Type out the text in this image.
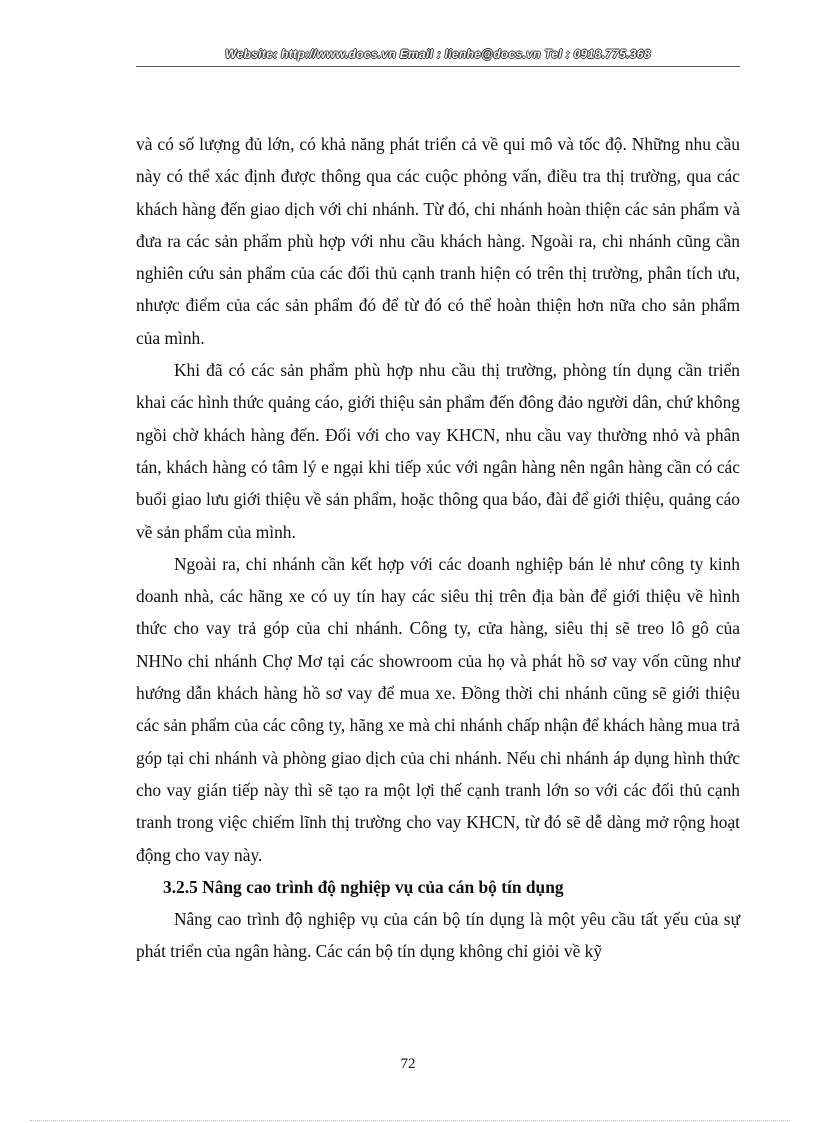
Website: http://www.docs.vn Email : lienhe@docs.vn Tel : 0918.775.368

và có số lượng đủ lớn, có khả năng phát triển cả về qui mô và tốc độ. Những nhu cầu này có thể xác định được thông qua các cuộc phỏng vấn, điều tra thị trường, qua các khách hàng đến giao dịch với chi nhánh. Từ đó, chi nhánh hoàn thiện các sản phẩm và đưa ra các sản phẩm phù hợp với nhu cầu khách hàng. Ngoài ra, chi nhánh cũng cần nghiên cứu sản phẩm của các đối thủ cạnh tranh hiện có trên thị trường, phân tích ưu, nhược điểm của các sản phẩm đó để từ đó có thể hoàn thiện hơn nữa cho sản phẩm của mình.

Khi đã có các sản phẩm phù hợp nhu cầu thị trường, phòng tín dụng cần triển khai các hình thức quảng cáo, giới thiệu sản phẩm đến đông đảo người dân, chứ không ngồi chờ khách hàng đến. Đối với cho vay KHCN, nhu cầu vay thường nhỏ và phân tán, khách hàng có tâm lý e ngại khi tiếp xúc với ngân hàng nên ngân hàng cần có các buổi giao lưu giới thiệu về sản phẩm, hoặc thông qua báo, đài để giới thiệu, quảng cáo về sản phẩm của mình.

Ngoài ra, chi nhánh cần kết hợp với các doanh nghiệp bán lẻ như công ty kinh doanh nhà, các hãng xe có uy tín hay các siêu thị trên địa bàn để giới thiệu về hình thức cho vay trả góp của chi nhánh. Công ty, cửa hàng, siêu thị sẽ treo lô gô của NHNo chi nhánh Chợ Mơ tại các showroom của họ và phát hồ sơ vay vốn cũng như hướng dẫn khách hàng hồ sơ vay để mua xe. Đồng thời chi nhánh cũng sẽ giới thiệu các sản phẩm của các công ty, hãng xe mà chi nhánh chấp nhận để khách hàng mua trả góp tại chi nhánh và phòng giao dịch của chi nhánh. Nếu chi nhánh áp dụng hình thức cho vay gián tiếp này thì sẽ tạo ra một lợi thế cạnh tranh lớn so với các đối thủ cạnh tranh trong việc chiếm lĩnh thị trường cho vay KHCN, từ đó sẽ dễ dàng mở rộng hoạt động cho vay này.

3.2.5 Nâng cao trình độ nghiệp vụ của cán bộ tín dụng

Nâng cao trình độ nghiệp vụ của cán bộ tín dụng là một yêu cầu tất yếu của sự phát triển của ngân hàng. Các cán bộ tín dụng không chỉ giỏi về kỹ

72
